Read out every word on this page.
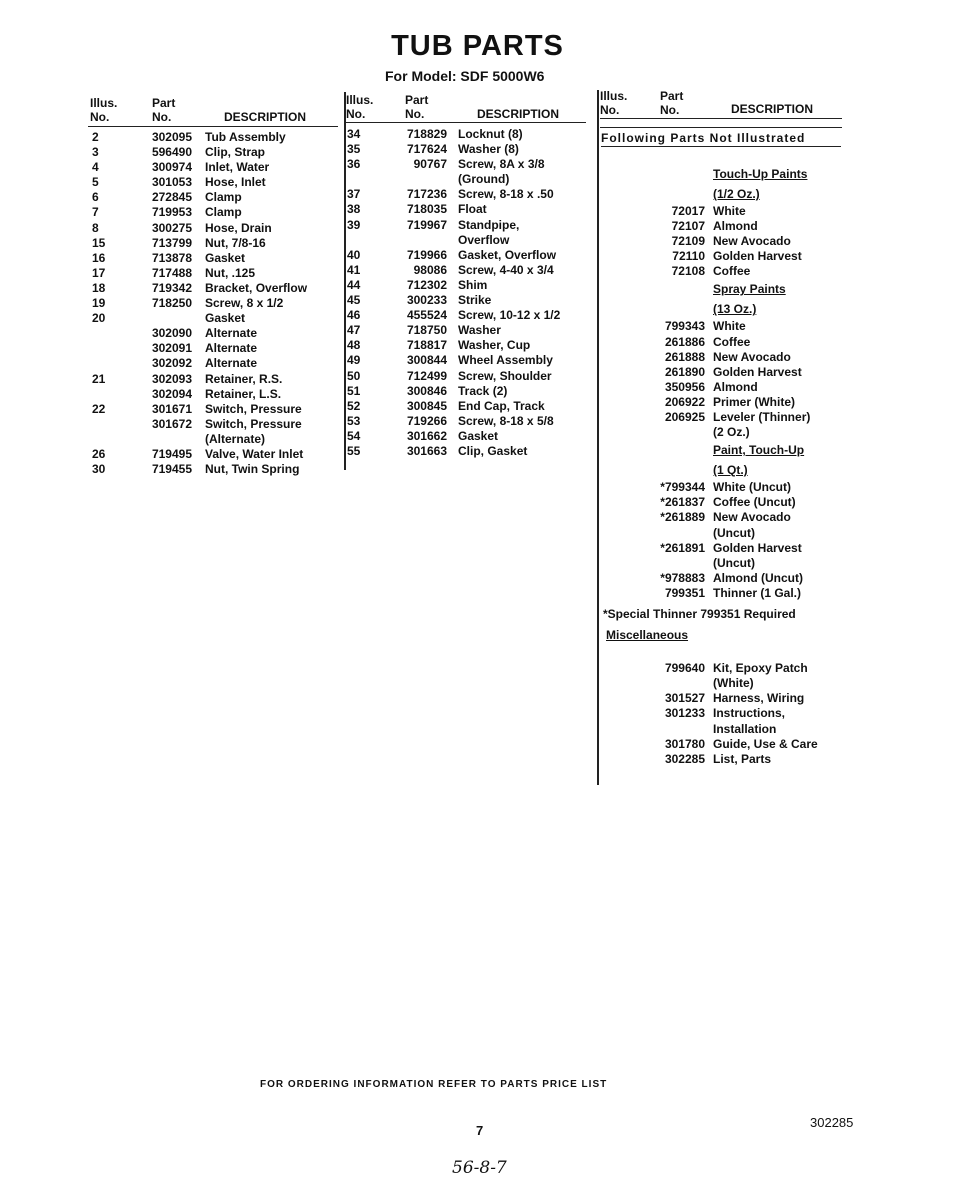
TUB PARTS
For Model: SDF 5000W6
Illus.
No.
Part
No.	DESCRIPTION
Illus.
No.
Part
No.	DESCRIPTION
Illus.
No.
Part
No.	DESCRIPTION
Following Parts Not Illustrated
2	302095 Tub Assembly
3	596490 Clip, Strap
4	300974 Inlet, Water
5	301053 Hose, Inlet
6	272845 Clamp
7	719953 Clamp
8	300275 Hose, Drain
15	713799 Nut, 7/8-16
16	713878 Gasket
17	717488 Nut, .125
18	719342 Bracket, Overflow
19	718250 Screw, 8 x 1/2
20	Gasket
302090 Alternate
302091 Alternate
302092 Alternate
21	302093 Retainer, R.S.
302094 Retainer, L.S.
22	301671 Switch, Pressure
301672 Switch, Pressure
(Alternate)
26	719495 Valve, Water Inlet
30	719455 Nut, Twin Spring
34	718829 Locknut (8)
35	717624 Washer (8)
36	90767 Screw, 8A x 3/8
(Ground)
37	717236 Screw, 8-18 x .50
38	718035 Float
39	719967 Standpipe,
Overflow
40	719966 Gasket, Overflow
41	98086 Screw, 4-40 x 3/4
44	712302 Shim
45	300233 Strike
46	455524 Screw, 10-12 x 1/2
47	718750 Washer
48	718817 Washer, Cup
49	300844 Wheel Assembly
50	712499 Screw, Shoulder
51	300846 Track (2)
52	300845 End Cap, Track
53	719266 Screw, 8-18 x 5/8
54	301662 Gasket
55	301663 Clip, Gasket
Touch-Up Paints
(1/2 Oz.)
72017 White
72107 Almond
72109 New Avocado
72110 Golden Harvest
72108 Coffee
Spray Paints
(13 Oz.)
799343 White
261886 Coffee
261888 New Avocado
261890 Golden Harvest
350956 Almond
206922 Primer (White)
206925 Leveler (Thinner)
(2 Oz.)
Paint, Touch-Up
(1 Qt.)
*799344 White (Uncut)
*261837 Coffee (Uncut)
*261889 New Avocado
(Uncut)
*261891 Golden Harvest
(Uncut)
*978883 Almond (Uncut)
799351 Thinner (1 Gal.)
*Special Thinner 799351 Required
Miscellaneous
799640 Kit, Epoxy Patch
(White)
301527 Harness, Wiring
301233 Instructions,
Installation
301780 Guide, Use & Care
302285 List, Parts
FOR ORDERING INFORMATION REFER TO PARTS PRICE LIST
7
302285
56-8-7
